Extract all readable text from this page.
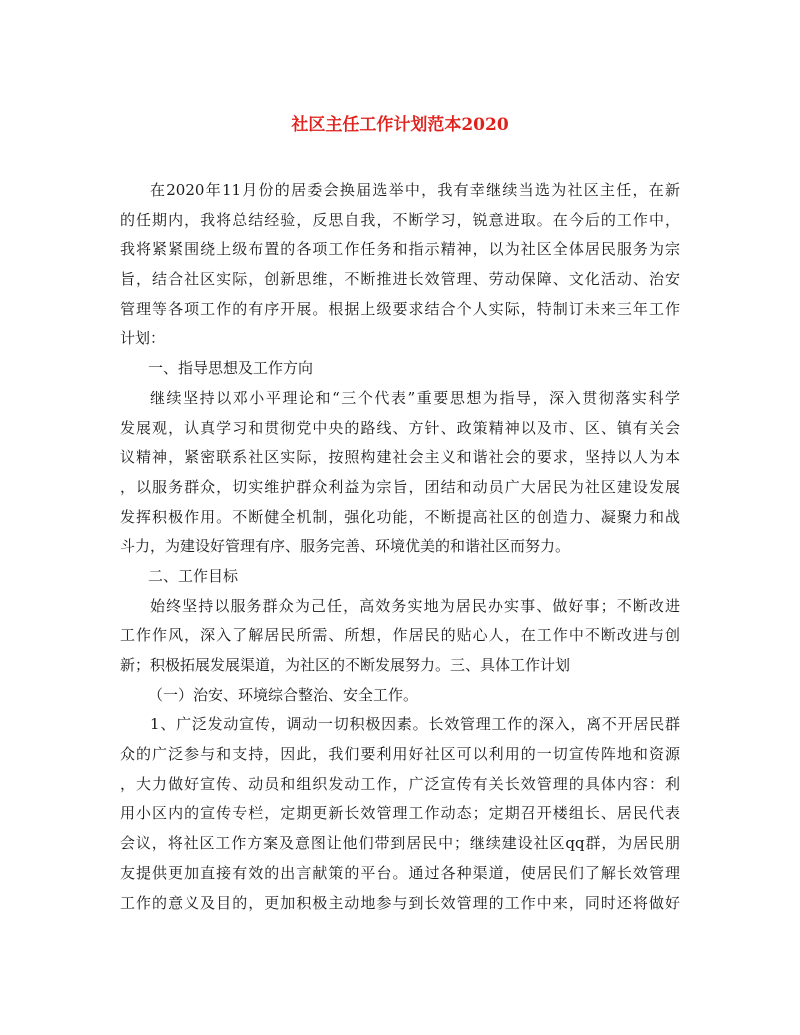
社区主任工作计划范本2020
在2020年11月份的居委会换届选举中，我有幸继续当选为社区主任，在新
的任期内，我将总结经验，反思自我，不断学习，锐意进取。在今后的工作中，
我将紧紧围绕上级布置的各项工作任务和指示精神，以为社区全体居民服务为宗
旨，结合社区实际，创新思维，不断推进长效管理、劳动保障、文化活动、治安
管理等各项工作的有序开展。根据上级要求结合个人实际，特制订未来三年工作
计划：
一、指导思想及工作方向
继续坚持以邓小平理论和“三个代表”重要思想为指导，深入贯彻落实科学
发展观，认真学习和贯彻党中央的路线、方针、政策精神以及市、区、镇有关会
议精神，紧密联系社区实际，按照构建社会主义和谐社会的要求，坚持以人为本
，以服务群众，切实维护群众利益为宗旨，团结和动员广大居民为社区建设发展
发挥积极作用。不断健全机制，强化功能，不断提高社区的创造力、凝聚力和战
斗力，为建设好管理有序、服务完善、环境优美的和谐社区而努力。
二、工作目标
始终坚持以服务群众为己任，高效务实地为居民办实事、做好事；不断改进
工作作风，深入了解居民所需、所想，作居民的贴心人，在工作中不断改进与创
新；积极拓展发展渠道，为社区的不断发展努力。三、具体工作计划
（一）治安、环境综合整治、安全工作。
1、广泛发动宣传，调动一切积极因素。长效管理工作的深入，离不开居民群
众的广泛参与和支持，因此，我们要利用好社区可以利用的一切宣传阵地和资源
，大力做好宣传、动员和组织发动工作，广泛宣传有关长效管理的具体内容：利
用小区内的宣传专栏，定期更新长效管理工作动态；定期召开楼组长、居民代表
会议，将社区工作方案及意图让他们带到居民中；继续建设社区qq群，为居民朋
友提供更加直接有效的出言献策的平台。通过各种渠道，使居民们了解长效管理
工作的意义及目的，更加积极主动地参与到长效管理的工作中来，同时还将做好
